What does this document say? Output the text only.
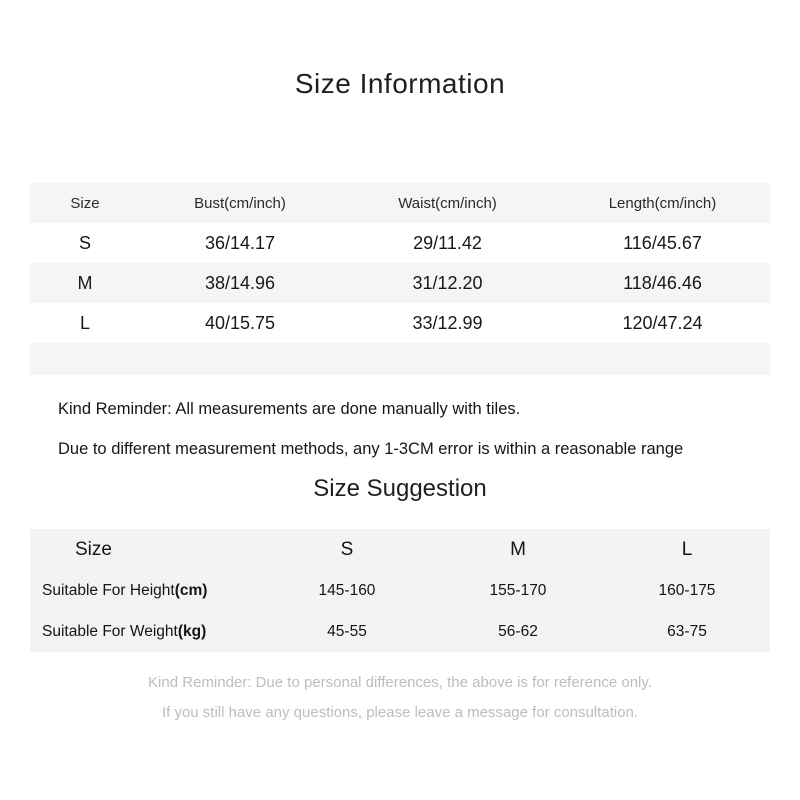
Size Information
Size	Bust(cm/inch)	Waist(cm/inch)	Length(cm/inch)
S	36/14.17	29/11.42	116/45.67
M	38/14.96	31/12.20	118/46.46
L	40/15.75	33/12.99	120/47.24
Kind Reminder: All measurements are done manually with tiles.
Due to different measurement methods, any 1-3CM error is within a reasonable range
Size Suggestion
Size	S	M	L
Suitable For Height(cm)	145-160	155-170	160-175
Suitable For Weight(kg)	45-55	56-62	63-75
Kind Reminder: Due to personal differences, the above is for reference only.
If you still have any questions, please leave a message for consultation.
